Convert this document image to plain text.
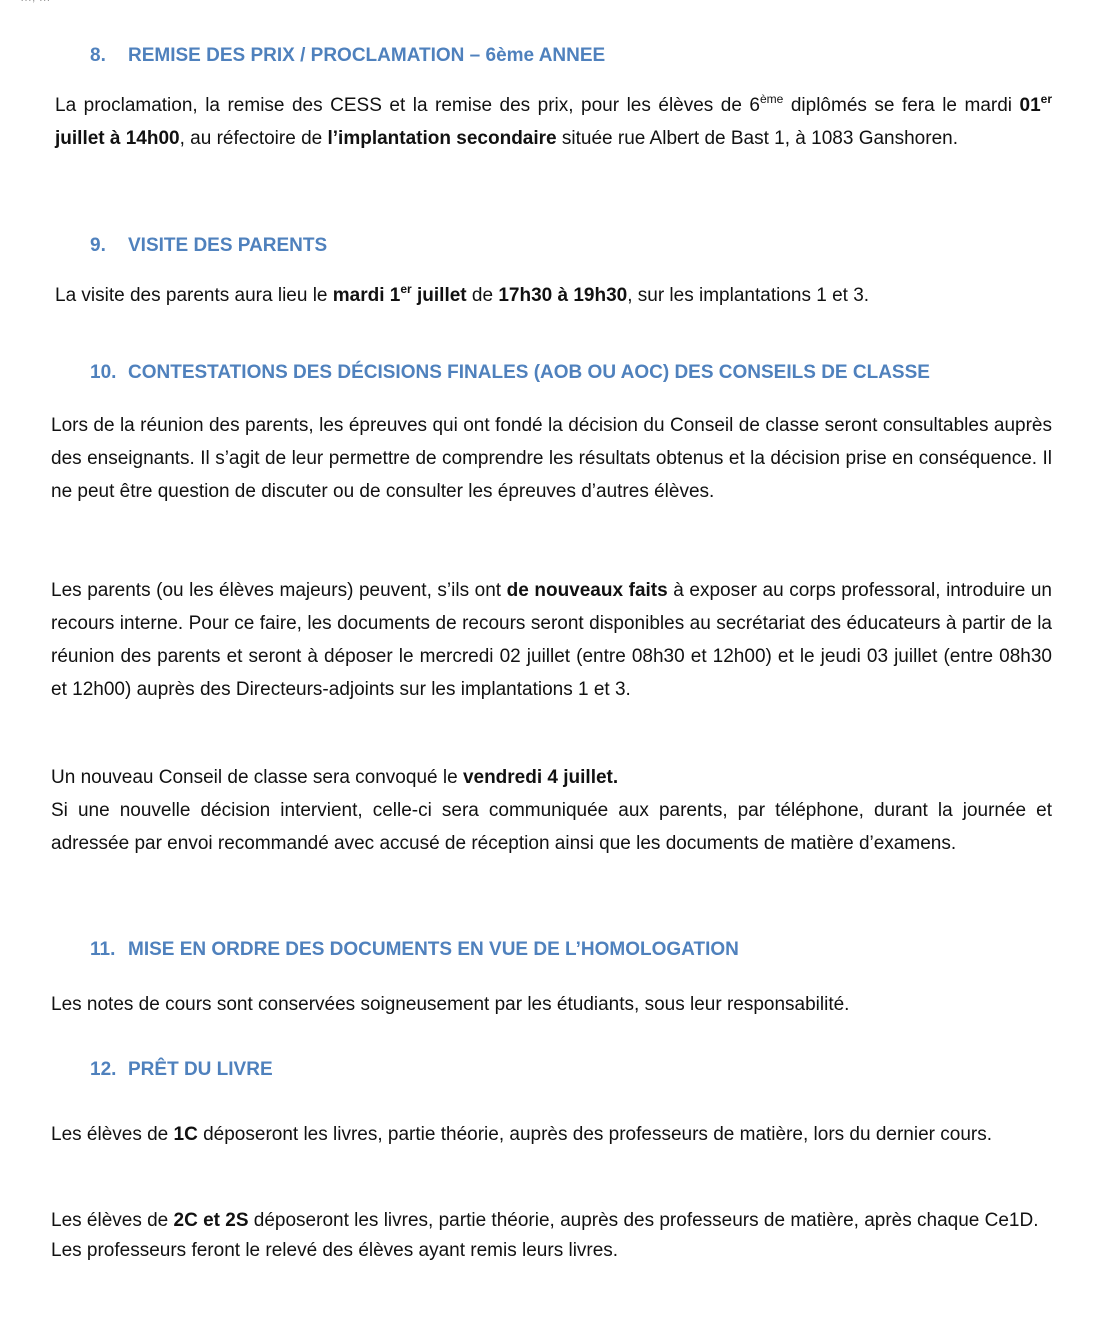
8. REMISE DES PRIX / PROCLAMATION – 6ème ANNEE

La proclamation, la remise des CESS et la remise des prix, pour les élèves de 6ème diplômés se fera le mardi 01er juillet à 14h00, au réfectoire de l’implantation secondaire située rue Albert de Bast 1, à 1083 Ganshoren.

9. VISITE DES PARENTS

La visite des parents aura lieu le mardi 1er juillet de 17h30 à 19h30, sur les implantations 1 et 3.

10. CONTESTATIONS DES DÉCISIONS FINALES (AOB OU AOC) DES CONSEILS DE CLASSE

Lors de la réunion des parents, les épreuves qui ont fondé la décision du Conseil de classe seront consultables auprès des enseignants. Il s’agit de leur permettre de comprendre les résultats obtenus et la décision prise en conséquence. Il ne peut être question de discuter ou de consulter les épreuves d’autres élèves.

Les parents (ou les élèves majeurs) peuvent, s’ils ont de nouveaux faits à exposer au corps professoral, introduire un recours interne. Pour ce faire, les documents de recours seront disponibles au secrétariat des éducateurs à partir de la réunion des parents et seront à déposer le mercredi 02 juillet (entre 08h30 et 12h00) et le jeudi 03 juillet (entre 08h30 et 12h00) auprès des Directeurs-adjoints sur les implantations 1 et 3.

Un nouveau Conseil de classe sera convoqué le vendredi 4 juillet.
Si une nouvelle décision intervient, celle-ci sera communiquée aux parents, par téléphone, durant la journée et adressée par envoi recommandé avec accusé de réception ainsi que les documents de matière d’examens.

11. MISE EN ORDRE DES DOCUMENTS EN VUE DE L’HOMOLOGATION

Les notes de cours sont conservées soigneusement par les étudiants, sous leur responsabilité.

12. PRÊT DU LIVRE

Les élèves de 1C déposeront les livres, partie théorie, auprès des professeurs de matière, lors du dernier cours.

Les élèves de 2C et 2S déposeront les livres, partie théorie, auprès des professeurs de matière, après chaque Ce1D. Les professeurs feront le relevé des élèves ayant remis leurs livres.
